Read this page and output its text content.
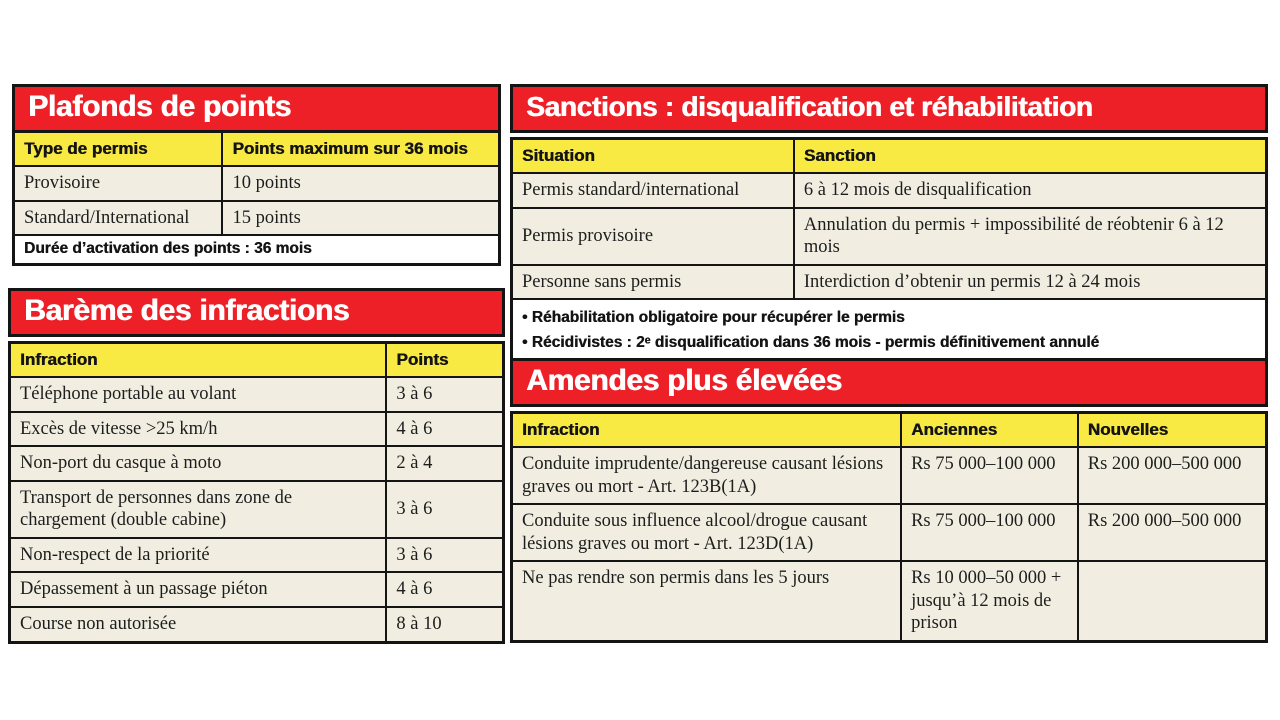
Plafonds de points
Type de permis	Points maximum sur 36 mois
Provisoire	10 points
Standard/International	15 points
Durée d’activation des points : 36 mois	
Sanctions : disqualification et réhabilitation
Situation	Sanction
Permis standard/international	6 à 12 mois de disqualification
Permis provisoire	Annulation du permis + impossibilité de réobtenir 6 à 12 mois
Personne sans permis	Interdiction d’obtenir un permis 12 à 24 mois

• Réhabilitation obligatoire pour récupérer le permis
• Récidivistes : 2ᵉ disqualification dans 36 mois - permis définitivement annulé
Barème des infractions
Infraction	Points
Téléphone portable au volant	3 à 6
Excès de vitesse >25 km/h	4 à 6
Non-port du casque à moto	2 à 4
Transport de personnes dans zone de chargement (double cabine)	3 à 6
Non-respect de la priorité	3 à 6
Dépassement à un passage piéton	4 à 6
Course non autorisée	8 à 10
Amendes plus élevées
Infraction	Anciennes	Nouvelles
Conduite imprudente/dangereuse causant lésions graves ou mort - Art. 123B(1A)	Rs 75 000–100 000	Rs 200 000–500 000
Conduite sous influence alcool/drogue causant lésions graves ou mort - Art. 123D(1A)	Rs 75 000–100 000	Rs 200 000–500 000
Ne pas rendre son permis dans les 5 jours	Rs 10 000–50 000 + jusqu’à 12 mois de prison	
